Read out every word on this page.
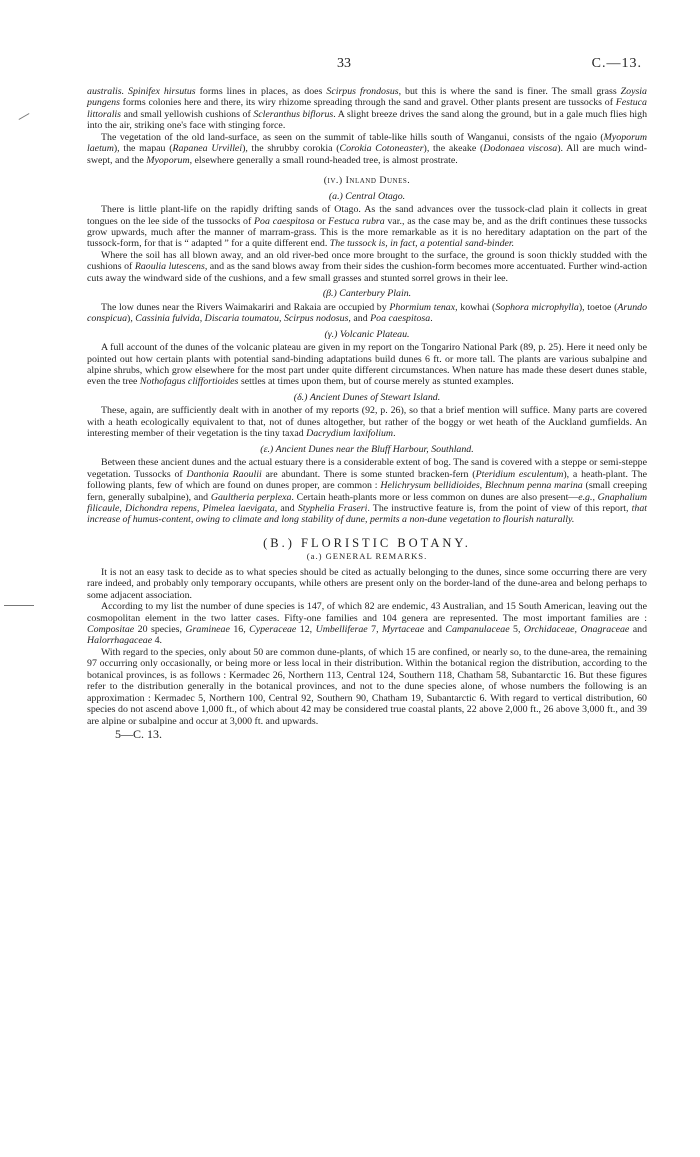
33	C.—13.

australis. Spinifex hirsutus forms lines in places, as does Scirpus frondosus, but this is where the sand is finer. The small grass Zoysia pungens forms colonies here and there, its wiry rhizome spreading through the sand and gravel. Other plants present are tussocks of Festuca littoralis and small yellowish cushions of Scleranthus biflorus. A slight breeze drives the sand along the ground, but in a gale much flies high into the air, striking one's face with stinging force.

The vegetation of the old land-surface, as seen on the summit of table-like hills south of Wanganui, consists of the ngaio (Myoporum laetum), the mapau (Rapanea Urvillei), the shrubby corokia (Corokia Cotoneaster), the akeake (Dodonaea viscosa). All are much wind-swept, and the Myoporum, elsewhere generally a small round-headed tree, is almost prostrate.

(iv.) Inland Dunes.
(a.) Central Otago.

There is little plant-life on the rapidly drifting sands of Otago. As the sand advances over the tussock-clad plain it collects in great tongues on the lee side of the tussocks of Poa caespitosa or Festuca rubra var., as the case may be, and as the drift continues these tussocks grow upwards, much after the manner of marram-grass. This is the more remarkable as it is no hereditary adaptation on the part of the tussock-form, for that is “ adapted ” for a quite different end. The tussock is, in fact, a potential sand-binder.

Where the soil has all blown away, and an old river-bed once more brought to the surface, the ground is soon thickly studded with the cushions of Raoulia lutescens, and as the sand blows away from their sides the cushion-form becomes more accentuated. Further wind-action cuts away the windward side of the cushions, and a few small grasses and stunted sorrel grows in their lee.

(β.) Canterbury Plain.

The low dunes near the Rivers Waimakariri and Rakaia are occupied by Phormium tenax, kowhai (Sophora microphylla), toetoe (Arundo conspicua), Cassinia fulvida, Discaria toumatou, Scirpus nodosus, and Poa caespitosa.

(γ.) Volcanic Plateau.

A full account of the dunes of the volcanic plateau are given in my report on the Tongariro National Park (89, p. 25). Here it need only be pointed out how certain plants with potential sand-binding adaptations build dunes 6 ft. or more tall. The plants are various subalpine and alpine shrubs, which grow elsewhere for the most part under quite different circumstances. When nature has made these desert dunes stable, even the tree Nothofagus cliffortioides settles at times upon them, but of course merely as stunted examples.

(δ.) Ancient Dunes of Stewart Island.

These, again, are sufficiently dealt with in another of my reports (92, p. 26), so that a brief mention will suffice. Many parts are covered with a heath ecologically equivalent to that, not of dunes altogether, but rather of the boggy or wet heath of the Auckland gumfields. An interesting member of their vegetation is the tiny taxad Dacrydium laxifolium.

(ε.) Ancient Dunes near the Bluff Harbour, Southland.

Between these ancient dunes and the actual estuary there is a considerable extent of bog. The sand is covered with a steppe or semi-steppe vegetation. Tussocks of Danthonia Raoulii are abundant. There is some stunted bracken-fern (Pteridium esculentum), a heath-plant. The following plants, few of which are found on dunes proper, are common : Helichrysum bellidioides, Blechnum penna marina (small creeping fern, generally subalpine), and Gaultheria perplexa. Certain heath-plants more or less common on dunes are also present—e.g., Gnaphalium filicaule, Dichondra repens, Pimelea laevigata, and Styphelia Fraseri. The instructive feature is, from the point of view of this report, that increase of humus-content, owing to climate and long stability of dune, permits a non-dune vegetation to flourish naturally.

(B.) FLORISTIC BOTANY.
(a.) GENERAL REMARKS.

It is not an easy task to decide as to what species should be cited as actually belonging to the dunes, since some occurring there are very rare indeed, and probably only temporary occupants, while others are present only on the border-land of the dune-area and belong perhaps to some adjacent association.

According to my list the number of dune species is 147, of which 82 are endemic, 43 Australian, and 15 South American, leaving out the cosmopolitan element in the two latter cases. Fifty-one families and 104 genera are represented. The most important families are : Compositae 20 species, Gramineae 16, Cyperaceae 12, Umbelliferae 7, Myrtaceae and Campanulaceae 5, Orchidaceae, Onagraceae and Halorrhagaceae 4.

With regard to the species, only about 50 are common dune-plants, of which 15 are confined, or nearly so, to the dune-area, the remaining 97 occurring only occasionally, or being more or less local in their distribution. Within the botanical region the distribution, according to the botanical provinces, is as follows : Kermadec 26, Northern 113, Central 124, Southern 118, Chatham 58, Subantarctic 16. But these figures refer to the distribution generally in the botanical provinces, and not to the dune species alone, of whose numbers the following is an approximation : Kermadec 5, Northern 100, Central 92, Southern 90, Chatham 19, Subantarctic 6. With regard to vertical distribution, 60 species do not ascend above 1,000 ft., of which about 42 may be considered true coastal plants, 22 above 2,000 ft., 26 above 3,000 ft., and 39 are alpine or subalpine and occur at 3,000 ft. and upwards.

5—C. 13.
